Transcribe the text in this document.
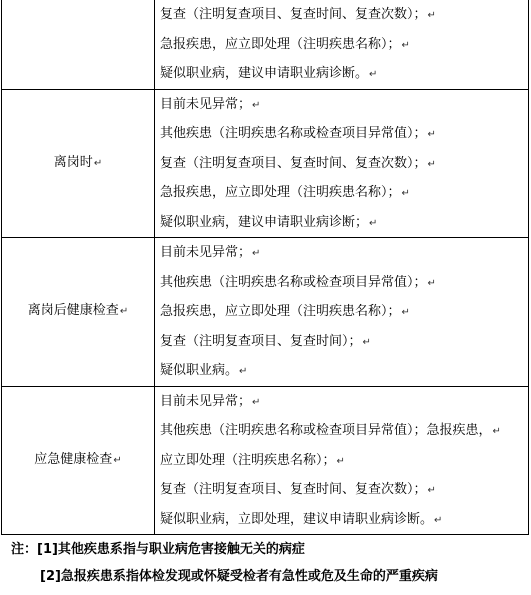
	复查（注明复查项目、复查时间、复查次数）；↵
急报疾患，应立即处理（注明疾患名称）；↵
疑似职业病，建议申请职业病诊断。↵

离岗时↵	目前未见异常；↵
其他疾患（注明疾患名称或检查项目异常值）；↵
复查（注明复查项目、复查时间、复查次数）；↵
急报疾患，应立即处理（注明疾患名称）；↵
疑似职业病，建议申请职业病诊断；↵

离岗后健康检查↵	目前未见异常；↵
其他疾患（注明疾患名称或检查项目异常值）；↵
急报疾患，应立即处理（注明疾患名称）；↵
复查（注明复查项目、复查时间）；↵
疑似职业病。↵

应急健康检查↵	目前未见异常；↵
其他疾患（注明疾患名称或检查项目异常值）；急报疾患，↵
应立即处理（注明疾患名称）；↵
复查（注明复查项目、复查时间、复查次数）；↵
疑似职业病，立即处理，建议申请职业病诊断。↵
注：[1]其他疾患系指与职业病危害接触无关的病症
[2]急报疾患系指体检发现或怀疑受检者有急性或危及生命的严重疾病
